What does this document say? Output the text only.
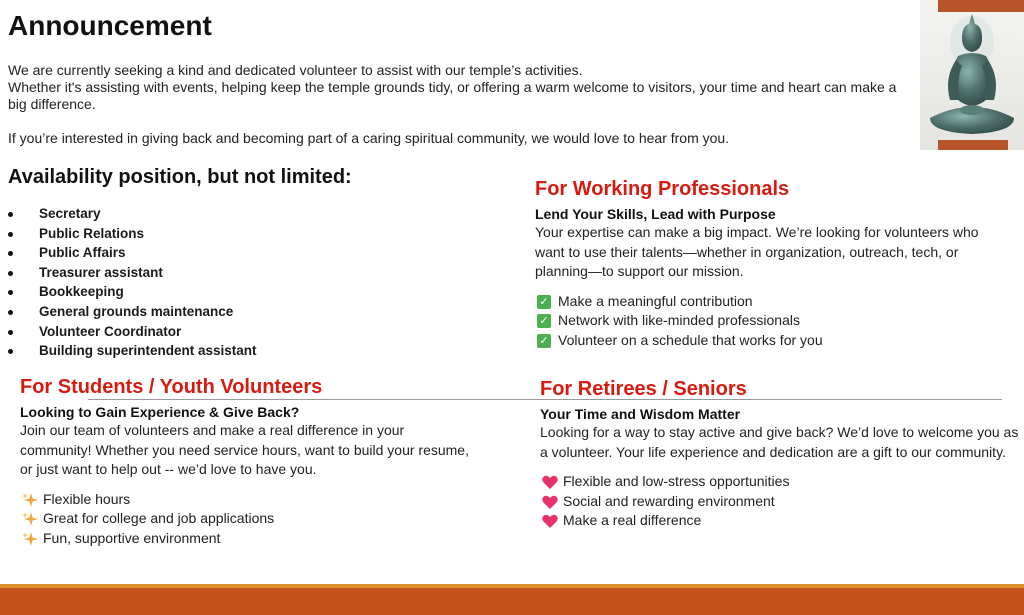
Announcement

We are currently seeking a kind and dedicated volunteer to assist with our temple’s activities.

Whether it's assisting with events, helping keep the temple grounds tidy, or offering a warm welcome to visitors, your time and heart can make a big difference.

If you’re interested in giving back and becoming part of a caring spiritual community, we would love to hear from you.

Availability position, but not limited:
Secretary
Public Relations
Public Affairs
Treasurer assistant
Bookkeeping
General grounds maintenance
Volunteer Coordinator
Building superintendent assistant
For Working Professionals
Lend Your Skills, Lead with Purpose
Your expertise can make a big impact. We’re looking for volunteers who want to use their talents—whether in organization, outreach, tech, or planning—to support our mission.
✓ Make a meaningful contribution
✓ Network with like-minded professionals
✓ Volunteer on a schedule that works for you
For Students / Youth Volunteers
Looking to Gain Experience & Give Back?
Join our team of volunteers and make a real difference in your community! Whether you need service hours, want to build your resume, or just want to help out -- we’d love to have you.
Flexible hours
Great for college and job applications
Fun, supportive environment
For Retirees / Seniors
Your Time and Wisdom Matter
Looking for a way to stay active and give back? We’d love to welcome you as a volunteer. Your life experience and dedication are a gift to our community.
Flexible and low-stress opportunities
Social and rewarding environment
Make a real difference
